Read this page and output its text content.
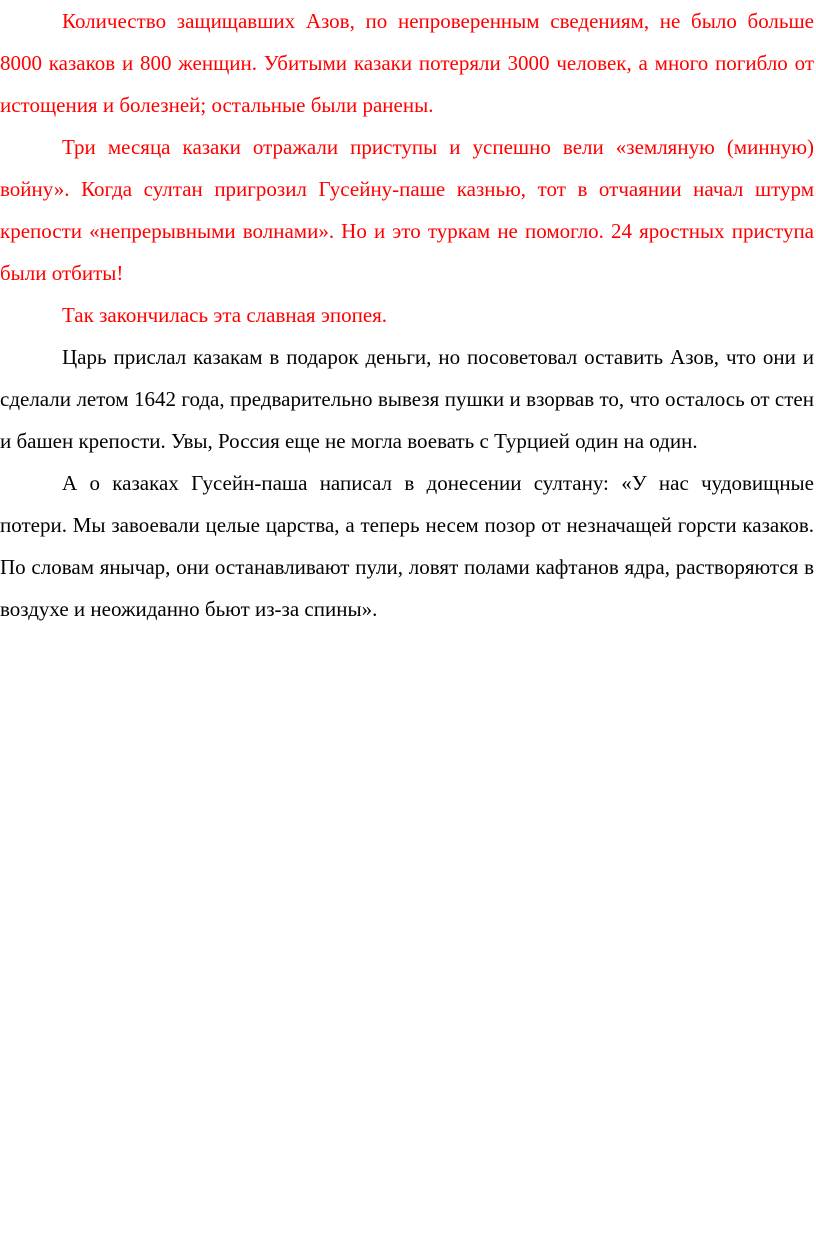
Количество защищавших Азов, по непроверенным сведениям, не было больше 8000 казаков и 800 женщин. Убитыми казаки потеряли 3000 человек, а много погибло от истощения и болезней; остальные были ранены.

Три месяца казаки отражали приступы и успешно вели «земляную (минную) войну». Когда султан пригрозил Гусейну-паше казнью, тот в отчаянии начал штурм крепости «непрерывными волнами». Но и это туркам не помогло. 24 яростных приступа были отбиты!

Так закончилась эта славная эпопея.

Царь прислал казакам в подарок деньги, но посоветовал оставить Азов, что они и сделали летом 1642 года, предварительно вывезя пушки и взорвав то, что осталось от стен и башен крепости. Увы, Россия еще не могла воевать с Турцией один на один.

А о казаках Гусейн-паша написал в донесении султану: «У нас чудовищные потери. Мы завоевали целые царства, а теперь несем позор от незначащей горсти казаков. По словам янычар, они останавливают пули, ловят полами кафтанов ядра, растворяются в воздухе и неожиданно бьют из-за спины».
